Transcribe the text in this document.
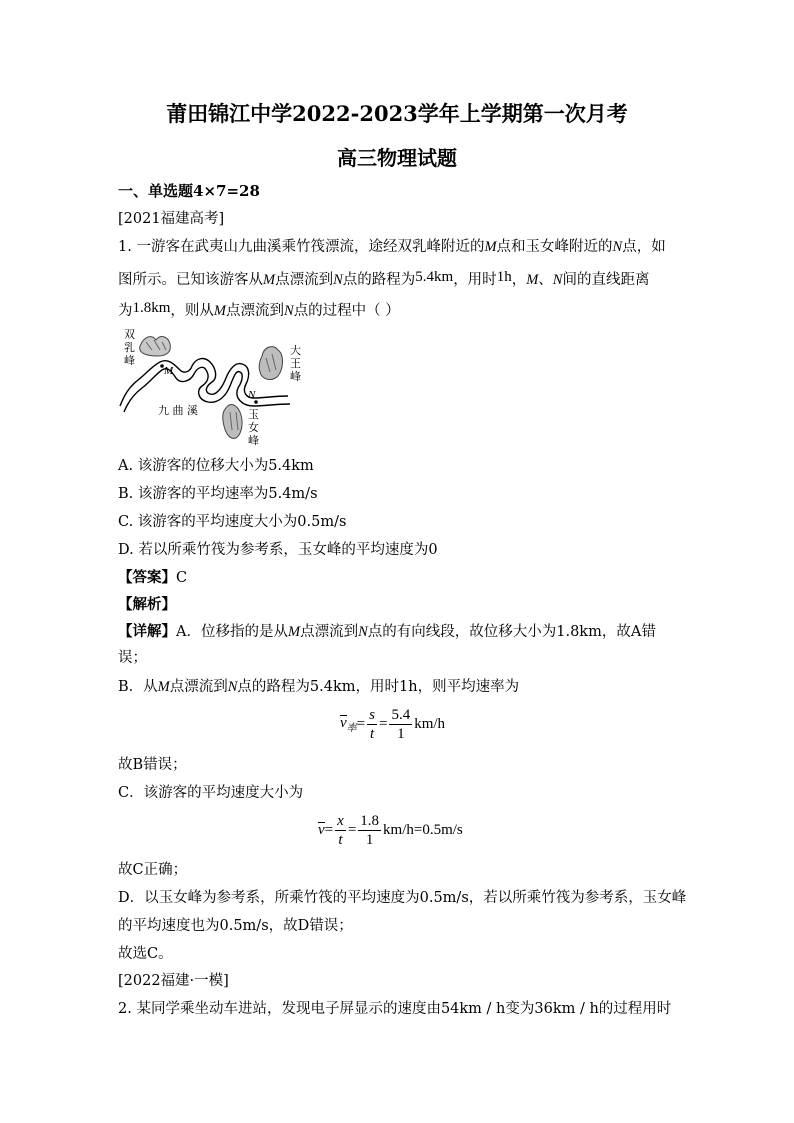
莆田锦江中学2022-2023学年上学期第一次月考
高三物理试题
一、单选题4×7=28
[2021福建高考]
1. 一游客在武夷山九曲溪乘竹筏漂流，途经双乳峰附近的M点和玉女峰附近的N点，如
图所示。已知该游客从M点漂流到N点的路程为5.4km，用时1h，M、N间的直线距离
为1.8km，则从M点漂流到N点的过程中（ ）
双
乳
峰
大
王
峰
玉
女
峰
九 曲 溪
M
N
A. 该游客的位移大小为5.4km
B. 该游客的平均速率为5.4m/s
C. 该游客的平均速度大小为0.5m/s
D. 若以所乘竹筏为参考系，玉女峰的平均速度为0
【答案】C
【解析】
【详解】A．位移指的是从M点漂流到N点的有向线段，故位移大小为1.8km，故A错
误；
B．从M点漂流到N点的路程为5.4km，用时1h，则平均速率为
$v_率 = \frac{s}{t} = \frac{5.4}{1} km/h$
故B错误；
C．该游客的平均速度大小为
$v = \frac{x}{t} = \frac{1.8}{1} km/h=0.5m/s$
故C正确；
D．以玉女峰为参考系，所乘竹筏的平均速度为0.5m/s，若以所乘竹筏为参考系，玉女峰
的平均速度也为0.5m/s，故D错误；
故选C。
[2022福建·一模]
2. 某同学乘坐动车进站，发现电子屏显示的速度由54km / h变为36km / h的过程用时
